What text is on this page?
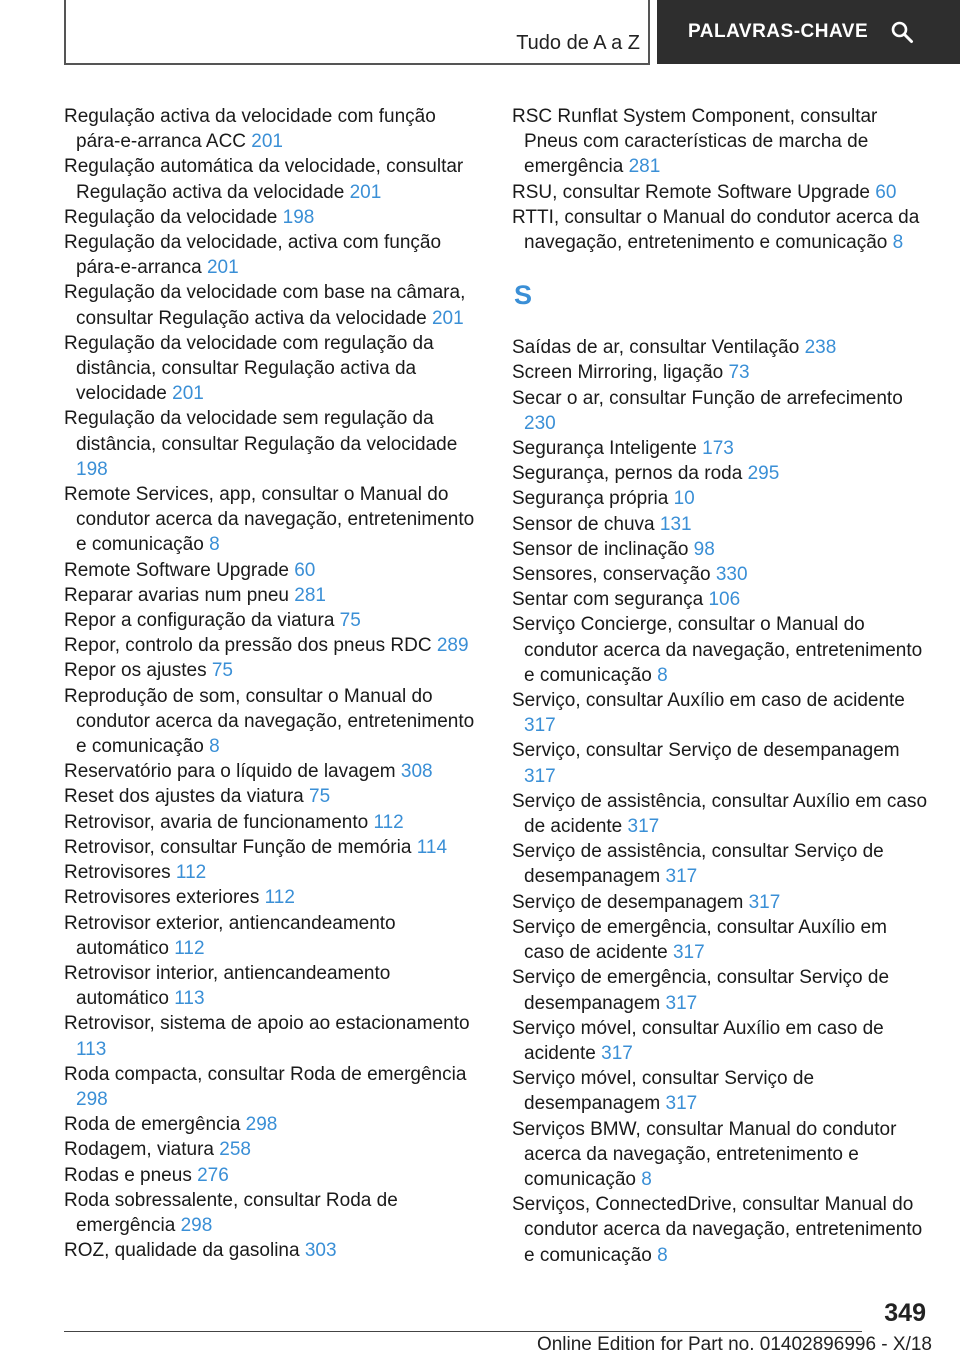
Tudo de A a Z
PALAVRAS-CHAVE

Regulação activa da velocidade com função pára-e-arranca ACC 201

Regulação automática da velocidade, consultar Regulação activa da velocidade 201

Regulação da velocidade 198

Regulação da velocidade, activa com função pára-e-arranca 201

Regulação da velocidade com base na câmara, consultar Regulação activa da velocidade 201

Regulação da velocidade com regulação da distância, consultar Regulação activa da velocidade 201

Regulação da velocidade sem regulação da distância, consultar Regulação da velocidade 198

Remote Services, app, consultar o Manual do condutor acerca da navegação, entretenimento e comunicação 8

Remote Software Upgrade 60

Reparar avarias num pneu 281

Repor a configuração da viatura 75

Repor, controlo da pressão dos pneus RDC 289

Repor os ajustes 75

Reprodução de som, consultar o Manual do condutor acerca da navegação, entretenimento e comunicação 8

Reservatório para o líquido de lavagem 308

Reset dos ajustes da viatura 75

Retrovisor, avaria de funcionamento 112

Retrovisor, consultar Função de memória 114

Retrovisores 112

Retrovisores exteriores 112

Retrovisor exterior, antiencandeamento automático 112

Retrovisor interior, antiencandeamento automático 113

Retrovisor, sistema de apoio ao estacionamento 113

Roda compacta, consultar Roda de emergência 298

Roda de emergência 298

Rodagem, viatura 258

Rodas e pneus 276

Roda sobressalente, consultar Roda de emergência 298

ROZ, qualidade da gasolina 303

RSC Runflat System Component, consultar Pneus com características de marcha de emergência 281

RSU, consultar Remote Software Upgrade 60

RTTI, consultar o Manual do condutor acerca da navegação, entretenimento e comunicação 8

S

Saídas de ar, consultar Ventilação 238

Screen Mirroring, ligação 73

Secar o ar, consultar Função de arrefecimento 230

Segurança Inteligente 173

Segurança, pernos da roda 295

Segurança própria 10

Sensor de chuva 131

Sensor de inclinação 98

Sensores, conservação 330

Sentar com segurança 106

Serviço Concierge, consultar o Manual do condutor acerca da navegação, entretenimento e comunicação 8

Serviço, consultar Auxílio em caso de acidente 317

Serviço, consultar Serviço de desempanagem 317

Serviço de assistência, consultar Auxílio em caso de acidente 317

Serviço de assistência, consultar Serviço de desempanagem 317

Serviço de desempanagem 317

Serviço de emergência, consultar Auxílio em caso de acidente 317

Serviço de emergência, consultar Serviço de desempanagem 317

Serviço móvel, consultar Auxílio em caso de acidente 317

Serviço móvel, consultar Serviço de desempanagem 317

Serviços BMW, consultar Manual do condutor acerca da navegação, entretenimento e comunicação 8

Serviços, ConnectedDrive, consultar Manual do condutor acerca da navegação, entretenimento e comunicação 8

349
Online Edition for Part no. 01402896996 - X/18
